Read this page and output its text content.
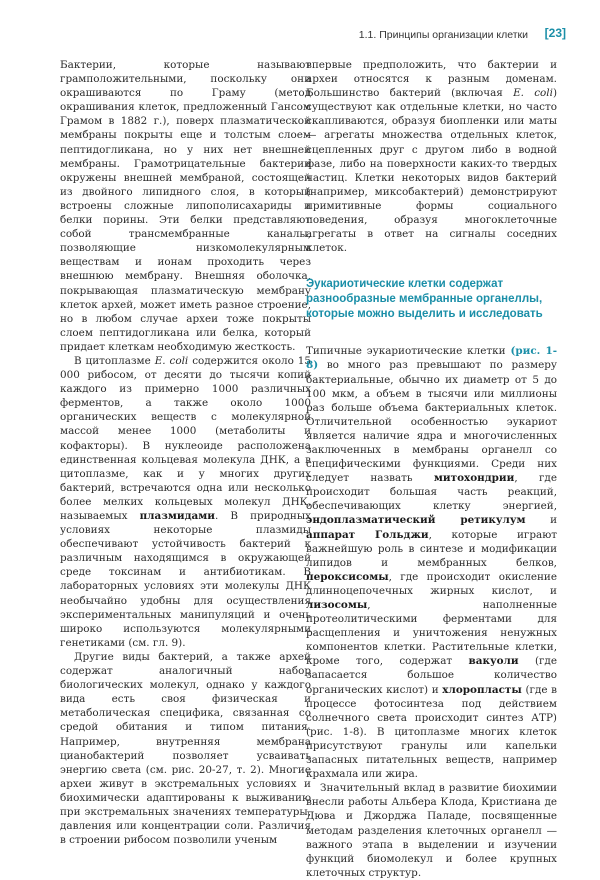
1.1. Принципы организации клетки [23]

Бактерии, которые называют грамположительными, поскольку они окрашиваются по Граму (метод окрашивания клеток, предложенный Гансом Грамом в 1882 г.), поверх плазматической мембраны покрыты еще и толстым слоем пептидогликана, но у них нет внешней мембраны. Грамотрицательные бактерии окружены внешней мембраной, состоящей из двойного липидного слоя, в который встроены сложные липополисахариды и белки порины. Эти белки представляют собой трансмембранные каналы, позволяющие низкомолекулярным веществам и ионам проходить через внешнюю мембрану. Внешняя оболочка, покрывающая плазматическую мембрану клеток архей, может иметь разное строение, но в любом случае археи тоже покрыты слоем пептидогликана или белка, который придает клеткам необходимую жесткость.

В цитоплазме E. coli содержится около 15 000 рибосом, от десяти до тысячи копий каждого из примерно 1000 различных ферментов, а также около 1000 органических веществ с молекулярной массой менее 1000 (метаболиты и кофакторы). В нуклеоиде расположена единственная кольцевая молекула ДНК, а в цитоплазме, как и у многих других бактерий, встречаются одна или несколько более мелких кольцевых молекул ДНК, называемых плазмидами. В природных условиях некоторые плазмиды обеспечивают устойчивость бактерий к различным находящимся в окружающей среде токсинам и антибиотикам. В лабораторных условиях эти молекулы ДНК необычайно удобны для осуществления экспериментальных манипуляций и очень широко используются молекулярными генетиками (см. гл. 9).

Другие виды бактерий, а также архей содержат аналогичный набор биологических молекул, однако у каждого вида есть своя физическая и метаболическая специфика, связанная со средой обитания и типом питания. Например, внутренняя мембрана цианобактерий позволяет усваивать энергию света (см. рис. 20-27, т. 2). Многие археи живут в экстремальных условиях и биохимически адаптированы к выживанию при экстремальных значениях температуры, давления или концентрации соли. Различия в строении рибосом позволили ученым

впервые предположить, что бактерии и археи относятся к разным доменам. Большинство бактерий (включая E. coli) существуют как отдельные клетки, но часто скапливаются, образуя биопленки или маты — агрегаты множества отдельных клеток, сцепленных друг с другом либо в водной фазе, либо на поверхности каких-то твердых частиц. Клетки некоторых видов бактерий (например, миксобактерий) демонстрируют примитивные формы социального поведения, образуя многоклеточные агрегаты в ответ на сигналы соседних клеток.

Эукариотические клетки содержат разнообразные мембранные органеллы, которые можно выделить и исследовать

Типичные эукариотические клетки (рис. 1-8) во много раз превышают по размеру бактериальные, обычно их диаметр от 5 до 100 мкм, а объем в тысячи или миллионы раз больше объема бактериальных клеток. Отличительной особенностью эукариот является наличие ядра и многочисленных заключенных в мембраны органелл со специфическими функциями. Среди них следует назвать митохондрии, где происходит большая часть реакций, обеспечивающих клетку энергией, эндоплазматический ретикулум и аппарат Гольджи, которые играют важнейшую роль в синтезе и модификации липидов и мембранных белков, пероксисомы, где происходит окисление длинноцепочечных жирных кислот, и лизосомы, наполненные протеолитическими ферментами для расщепления и уничтожения ненужных компонентов клетки. Растительные клетки, кроме того, содержат вакуоли (где запасается большое количество органических кислот) и хлоропласты (где в процессе фотосинтеза под действием солнечного света происходит синтез АТР) (рис. 1-8). В цитоплазме многих клеток присутствуют гранулы или капельки запасных питательных веществ, например крахмала или жира.

Значительный вклад в развитие биохимии внесли работы Альбера Клода, Кристиана де Дюва и Джорджа Паладе, посвященные методам разделения клеточных органелл — важного этапа в выделении и изучении функций биомолекул и более крупных клеточных структур.
